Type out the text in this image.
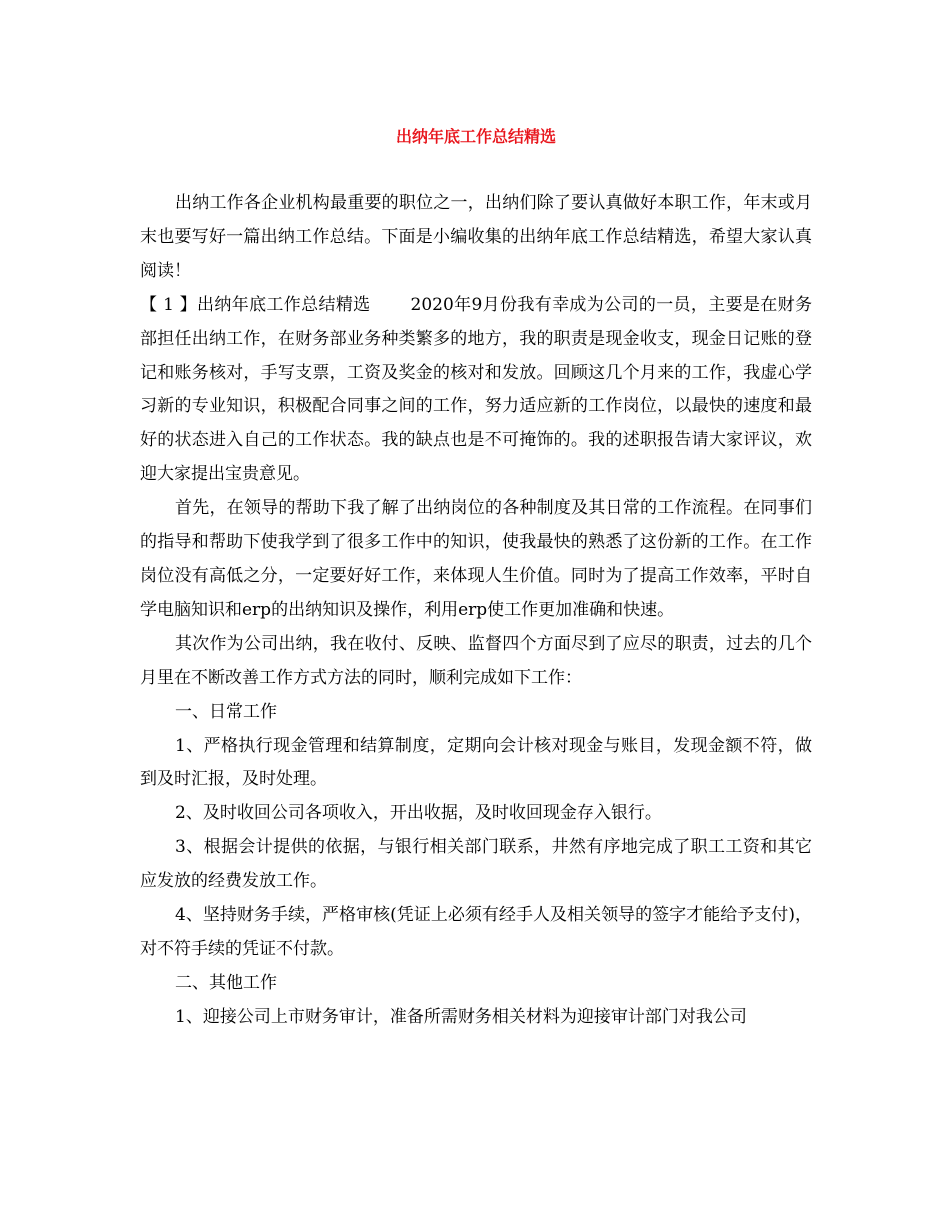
出纳年底工作总结精选

出纳工作各企业机构最重要的职位之一，出纳们除了要认真做好本职工作，年末或月末也要写好一篇出纳工作总结。下面是小编收集的出纳年底工作总结精选，希望大家认真阅读！

【 1 】出纳年底工作总结精选 2020年9月份我有幸成为公司的一员，主要是在财务部担任出纳工作，在财务部业务种类繁多的地方，我的职责是现金收支，现金日记账的登记和账务核对，手写支票，工资及奖金的核对和发放。回顾这几个月来的工作，我虚心学习新的专业知识，积极配合同事之间的工作，努力适应新的工作岗位，以最快的速度和最好的状态进入自己的工作状态。我的缺点也是不可掩饰的。我的述职报告请大家评议，欢迎大家提出宝贵意见。

首先，在领导的帮助下我了解了出纳岗位的各种制度及其日常的工作流程。在同事们的指导和帮助下使我学到了很多工作中的知识，使我最快的熟悉了这份新的工作。在工作岗位没有高低之分，一定要好好工作，来体现人生价值。同时为了提高工作效率，平时自学电脑知识和erp的出纳知识及操作，利用erp使工作更加准确和快速。

其次作为公司出纳，我在收付、反映、监督四个方面尽到了应尽的职责，过去的几个月里在不断改善工作方式方法的同时，顺利完成如下工作：

一、日常工作

1、严格执行现金管理和结算制度，定期向会计核对现金与账目，发现金额不符，做到及时汇报，及时处理。

2、及时收回公司各项收入，开出收据，及时收回现金存入银行。

3、根据会计提供的依据，与银行相关部门联系，井然有序地完成了职工工资和其它应发放的经费发放工作。

4、坚持财务手续，严格审核(凭证上必须有经手人及相关领导的签字才能给予支付)，对不符手续的凭证不付款。

二、其他工作

1、迎接公司上市财务审计，准备所需财务相关材料为迎接审计部门对我公司
